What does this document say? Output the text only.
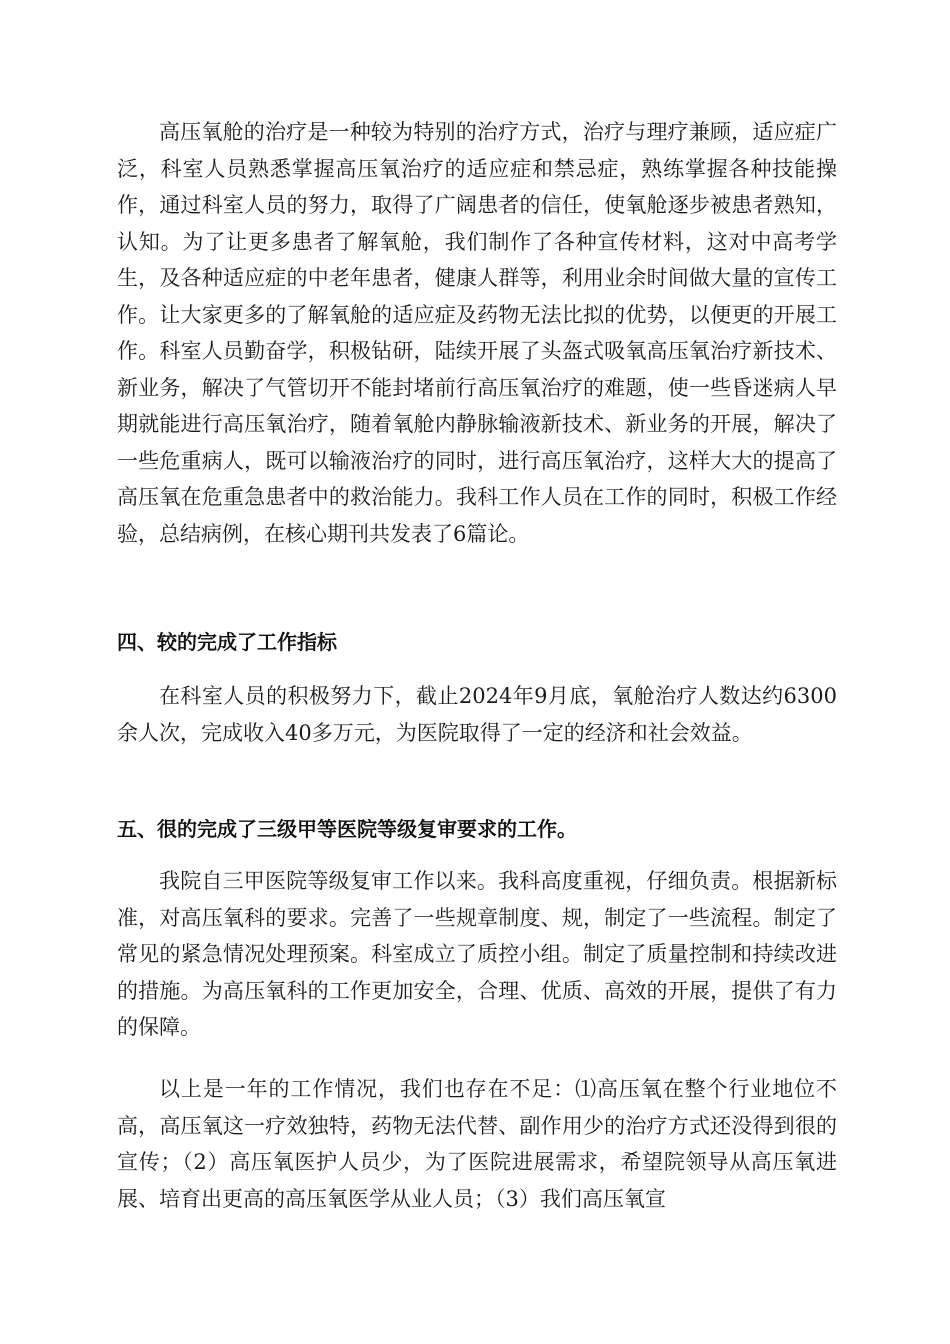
高压氧舱的治疗是一种较为特别的治疗方式，治疗与理疗兼顾，适应症广泛，科室人员熟悉掌握高压氧治疗的适应症和禁忌症，熟练掌握各种技能操作，通过科室人员的努力，取得了广阔患者的信任，使氧舱逐步被患者熟知，认知。为了让更多患者了解氧舱，我们制作了各种宣传材料，这对中高考学生，及各种适应症的中老年患者，健康人群等，利用业余时间做大量的宣传工作。让大家更多的了解氧舱的适应症及药物无法比拟的优势，以便更的开展工作。科室人员勤奋学，积极钻研，陆续开展了头盔式吸氧高压氧治疗新技术、新业务，解决了气管切开不能封堵前行高压氧治疗的难题，使一些昏迷病人早期就能进行高压氧治疗，随着氧舱内静脉输液新技术、新业务的开展，解决了一些危重病人，既可以输液治疗的同时，进行高压氧治疗，这样大大的提高了高压氧在危重急患者中的救治能力。我科工作人员在工作的同时，积极工作经验，总结病例，在核心期刊共发表了6篇论。

四、较的完成了工作指标

在科室人员的积极努力下，截止2024年9月底，氧舱治疗人数达约6300余人次，完成收入40多万元，为医院取得了一定的经济和社会效益。

五、很的完成了三级甲等医院等级复审要求的工作。

我院自三甲医院等级复审工作以来。我科高度重视，仔细负责。根据新标准，对高压氧科的要求。完善了一些规章制度、规，制定了一些流程。制定了常见的紧急情况处理预案。科室成立了质控小组。制定了质量控制和持续改进的措施。为高压氧科的工作更加安全，合理、优质、高效的开展，提供了有力的保障。

以上是一年的工作情况，我们也存在不足：⑴高压氧在整个行业地位不高，高压氧这一疗效独特，药物无法代替、副作用少的治疗方式还没得到很的宣传；（2）高压氧医护人员少，为了医院进展需求，希望院领导从高压氧进展、培育出更高的高压氧医学从业人员；（3）我们高压氧宣
